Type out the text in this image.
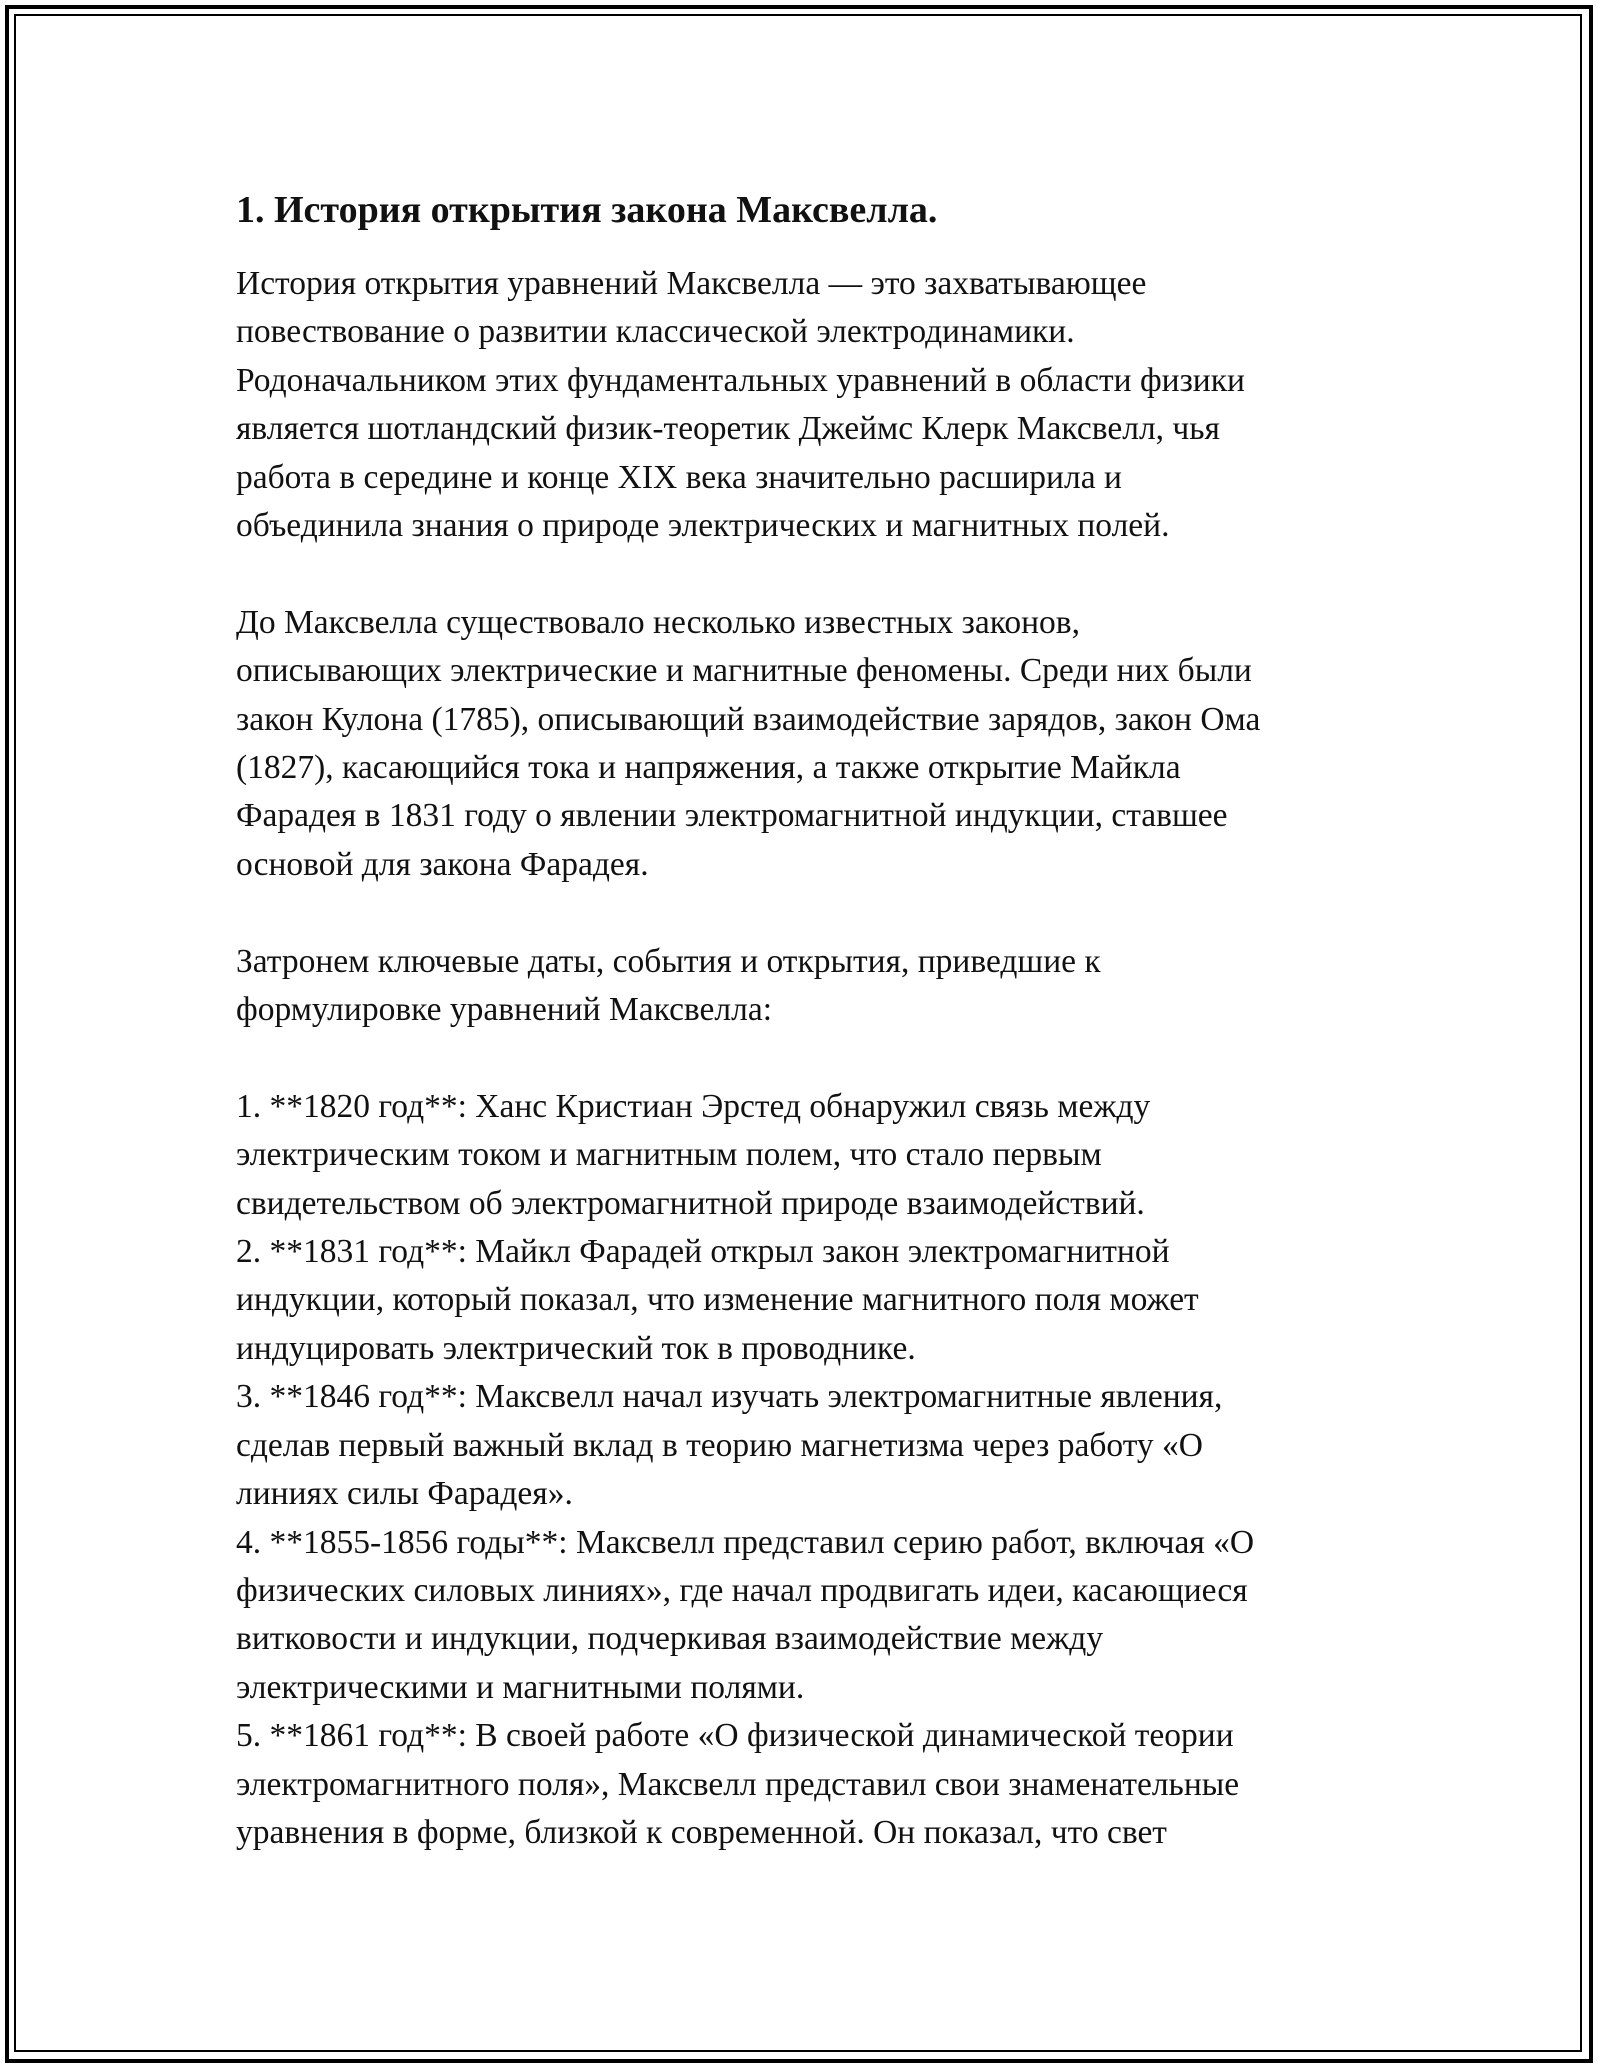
1. История открытия закона Максвелла.
История открытия уравнений Максвелла — это захватывающее
повествование о развитии классической электродинамики.
Родоначальником этих фундаментальных уравнений в области физики
является шотландский физик-теоретик Джеймс Клерк Максвелл, чья
работа в середине и конце XIX века значительно расширила и
объединила знания о природе электрических и магнитных полей.
До Максвелла существовало несколько известных законов,
описывающих электрические и магнитные феномены. Среди них были
закон Кулона (1785), описывающий взаимодействие зарядов, закон Ома
(1827), касающийся тока и напряжения, а также открытие Майкла
Фарадея в 1831 году о явлении электромагнитной индукции, ставшее
основой для закона Фарадея.
Затронем ключевые даты, события и открытия, приведшие к
формулировке уравнений Максвелла:
1. **1820 год**: Ханс Кристиан Эрстед обнаружил связь между
электрическим током и магнитным полем, что стало первым
свидетельством об электромагнитной природе взаимодействий.
2. **1831 год**: Майкл Фарадей открыл закон электромагнитной
индукции, который показал, что изменение магнитного поля может
индуцировать электрический ток в проводнике.
3. **1846 год**: Максвелл начал изучать электромагнитные явления,
сделав первый важный вклад в теорию магнетизма через работу «О
линиях силы Фарадея».
4. **1855-1856 годы**: Максвелл представил серию работ, включая «О
физических силовых линиях», где начал продвигать идеи, касающиеся
витковости и индукции, подчеркивая взаимодействие между
электрическими и магнитными полями.
5. **1861 год**: В своей работе «О физической динамической теории
электромагнитного поля», Максвелл представил свои знаменательные
уравнения в форме, близкой к современной. Он показал, что свет
